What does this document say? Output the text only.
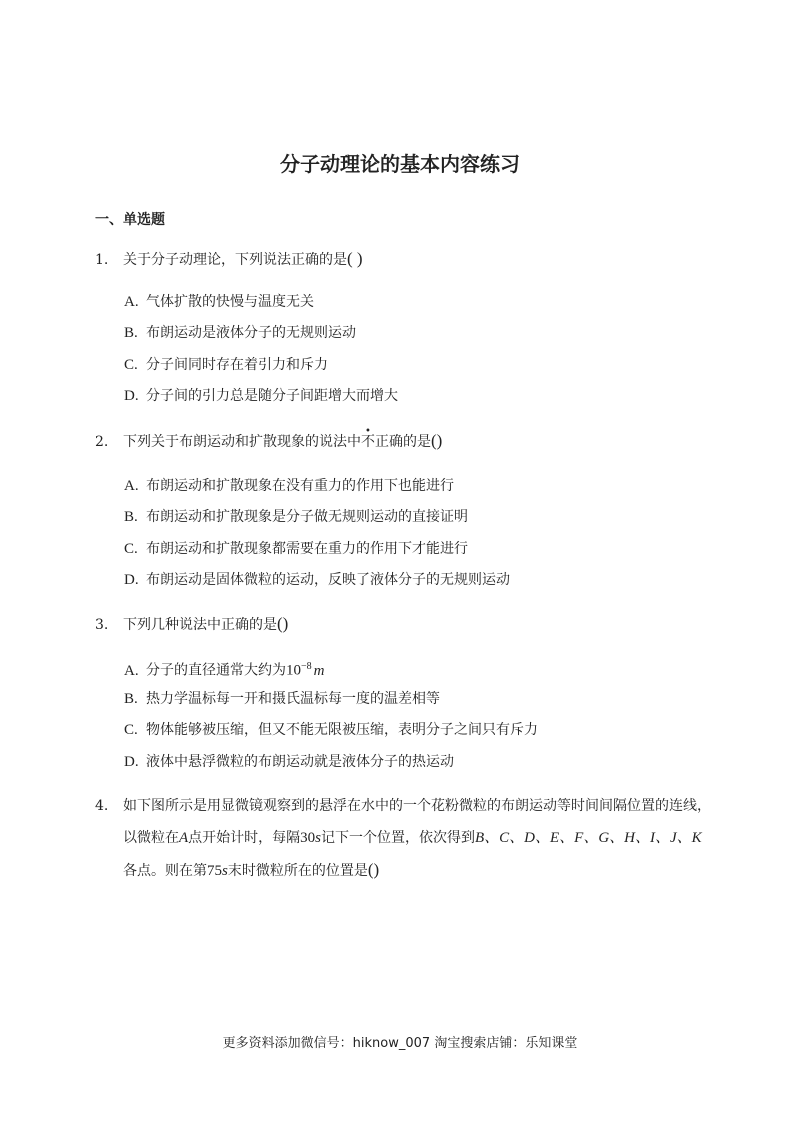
分子动理论的基本内容练习
一、单选题
1. 关于分子动理论，下列说法正确的是( )
A. 气体扩散的快慢与温度无关
B. 布朗运动是液体分子的无规则运动
C. 分子间同时存在着引力和斥力
D. 分子间的引力总是随分子间距增大而增大
2. 下列关于布朗运动和扩散现象的说法中不正确的是()
A. 布朗运动和扩散现象在没有重力的作用下也能进行
B. 布朗运动和扩散现象是分子做无规则运动的直接证明
C. 布朗运动和扩散现象都需要在重力的作用下才能进行
D. 布朗运动是固体微粒的运动，反映了液体分子的无规则运动
3. 下列几种说法中正确的是()
A. 分子的直径通常大约为$10^{-8}$ m
B. 热力学温标每一开和摄氏温标每一度的温差相等
C. 物体能够被压缩，但又不能无限被压缩，表明分子之间只有斥力
D. 液体中悬浮微粒的布朗运动就是液体分子的热运动
4. 如下图所示是用显微镜观察到的悬浮在水中的一个花粉微粒的布朗运动等时间间隔位置的连线，
以微粒在A点开始计时，每隔30s记下一个位置，依次得到B、C、D、E、F、G、H、I、J、K
各点。则在第75s末时微粒所在的位置是()
更多资料添加微信号：hiknow_007 淘宝搜索店铺：乐知课堂
